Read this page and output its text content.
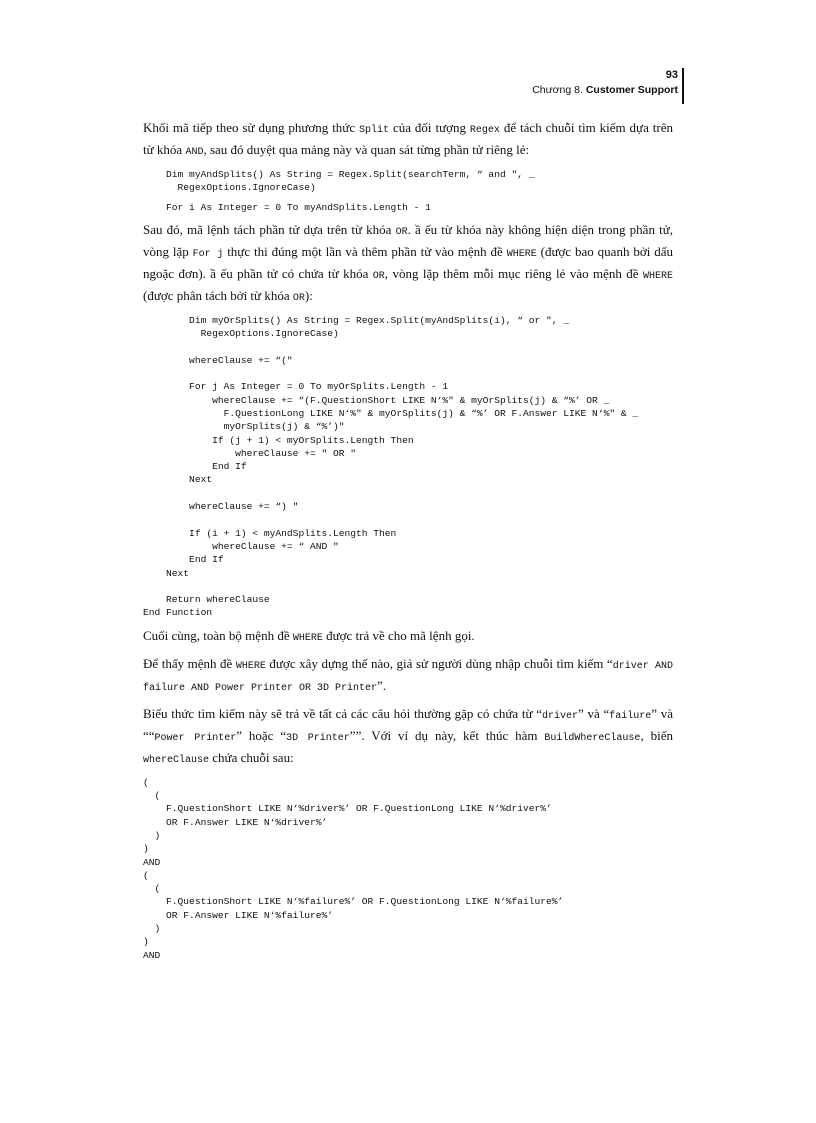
93
Chương 8. Customer Support

Khối mã tiếp theo sử dụng phương thức Split của đối tượng Regex để tách chuỗi tìm kiếm dựa trên từ khóa AND, sau đó duyệt qua mảng này và quan sát từng phần tử riêng lẻ:

Dim myAndSplits() As String = Regex.Split(searchTerm, “ and ", _
RegexOptions.IgnoreCase)
For i As Integer = 0 To myAndSplits.Length - 1

Sau đó, mã lệnh tách phần tử dựa trên từ khóa OR. ầ ếu từ khóa này không hiện diện trong phần tử, vòng lặp For j thực thi đúng một lần và thêm phần tử vào mệnh đề WHERE (được bao quanh bởi dấu ngoặc đơn). ầ ếu phần tử có chứa từ khóa OR, vòng lặp thêm mỗi mục riêng lẻ vào mệnh đề WHERE (được phân tách bởi từ khóa OR):

Dim myOrSplits() As String = Regex.Split(myAndSplits(i), “ or ", _
RegexOptions.IgnoreCase)

whereClause += “("

For j As Integer = 0 To myOrSplits.Length - 1
whereClause += “(F.QuestionShort LIKE N‘%" & myOrSplits(j) & “%’ OR _
F.QuestionLong LIKE N‘%" & myOrSplits(j) & “%’ OR F.Answer LIKE N‘%" & _
myOrSplits(j) & “%’)"
If (j + 1) < myOrSplits.Length Then
whereClause += " OR "
End If
Next

whereClause += “) "

If (i + 1) < myAndSplits.Length Then
whereClause += “ AND "
End If
Next

Return whereClause
End Function

Cuối cùng, toàn bộ mệnh đề WHERE được trả về cho mã lệnh gọi.

Để thấy mệnh đề WHERE được xây dựng thế nào, giả sử người dùng nhập chuỗi tìm kiếm “driver AND failure AND Power Printer OR 3D Printer”.

Biểu thức tìm kiếm này sẽ trả về tất cả các câu hỏi thường gặp có chứa từ “driver” và “failure” và ““Power Printer” hoặc “3D Printer””. Với ví dụ này, kết thúc hàm BuildWhereClause, biến whereClause chứa chuỗi sau:

(
(
F.QuestionShort LIKE N‘%driver%’ OR F.QuestionLong LIKE N‘%driver%’
OR F.Answer LIKE N‘%driver%’
)
)
AND
(
(
F.QuestionShort LIKE N‘%failure%’ OR F.QuestionLong LIKE N‘%failure%’
OR F.Answer LIKE N‘%failure%’
)
)
AND
